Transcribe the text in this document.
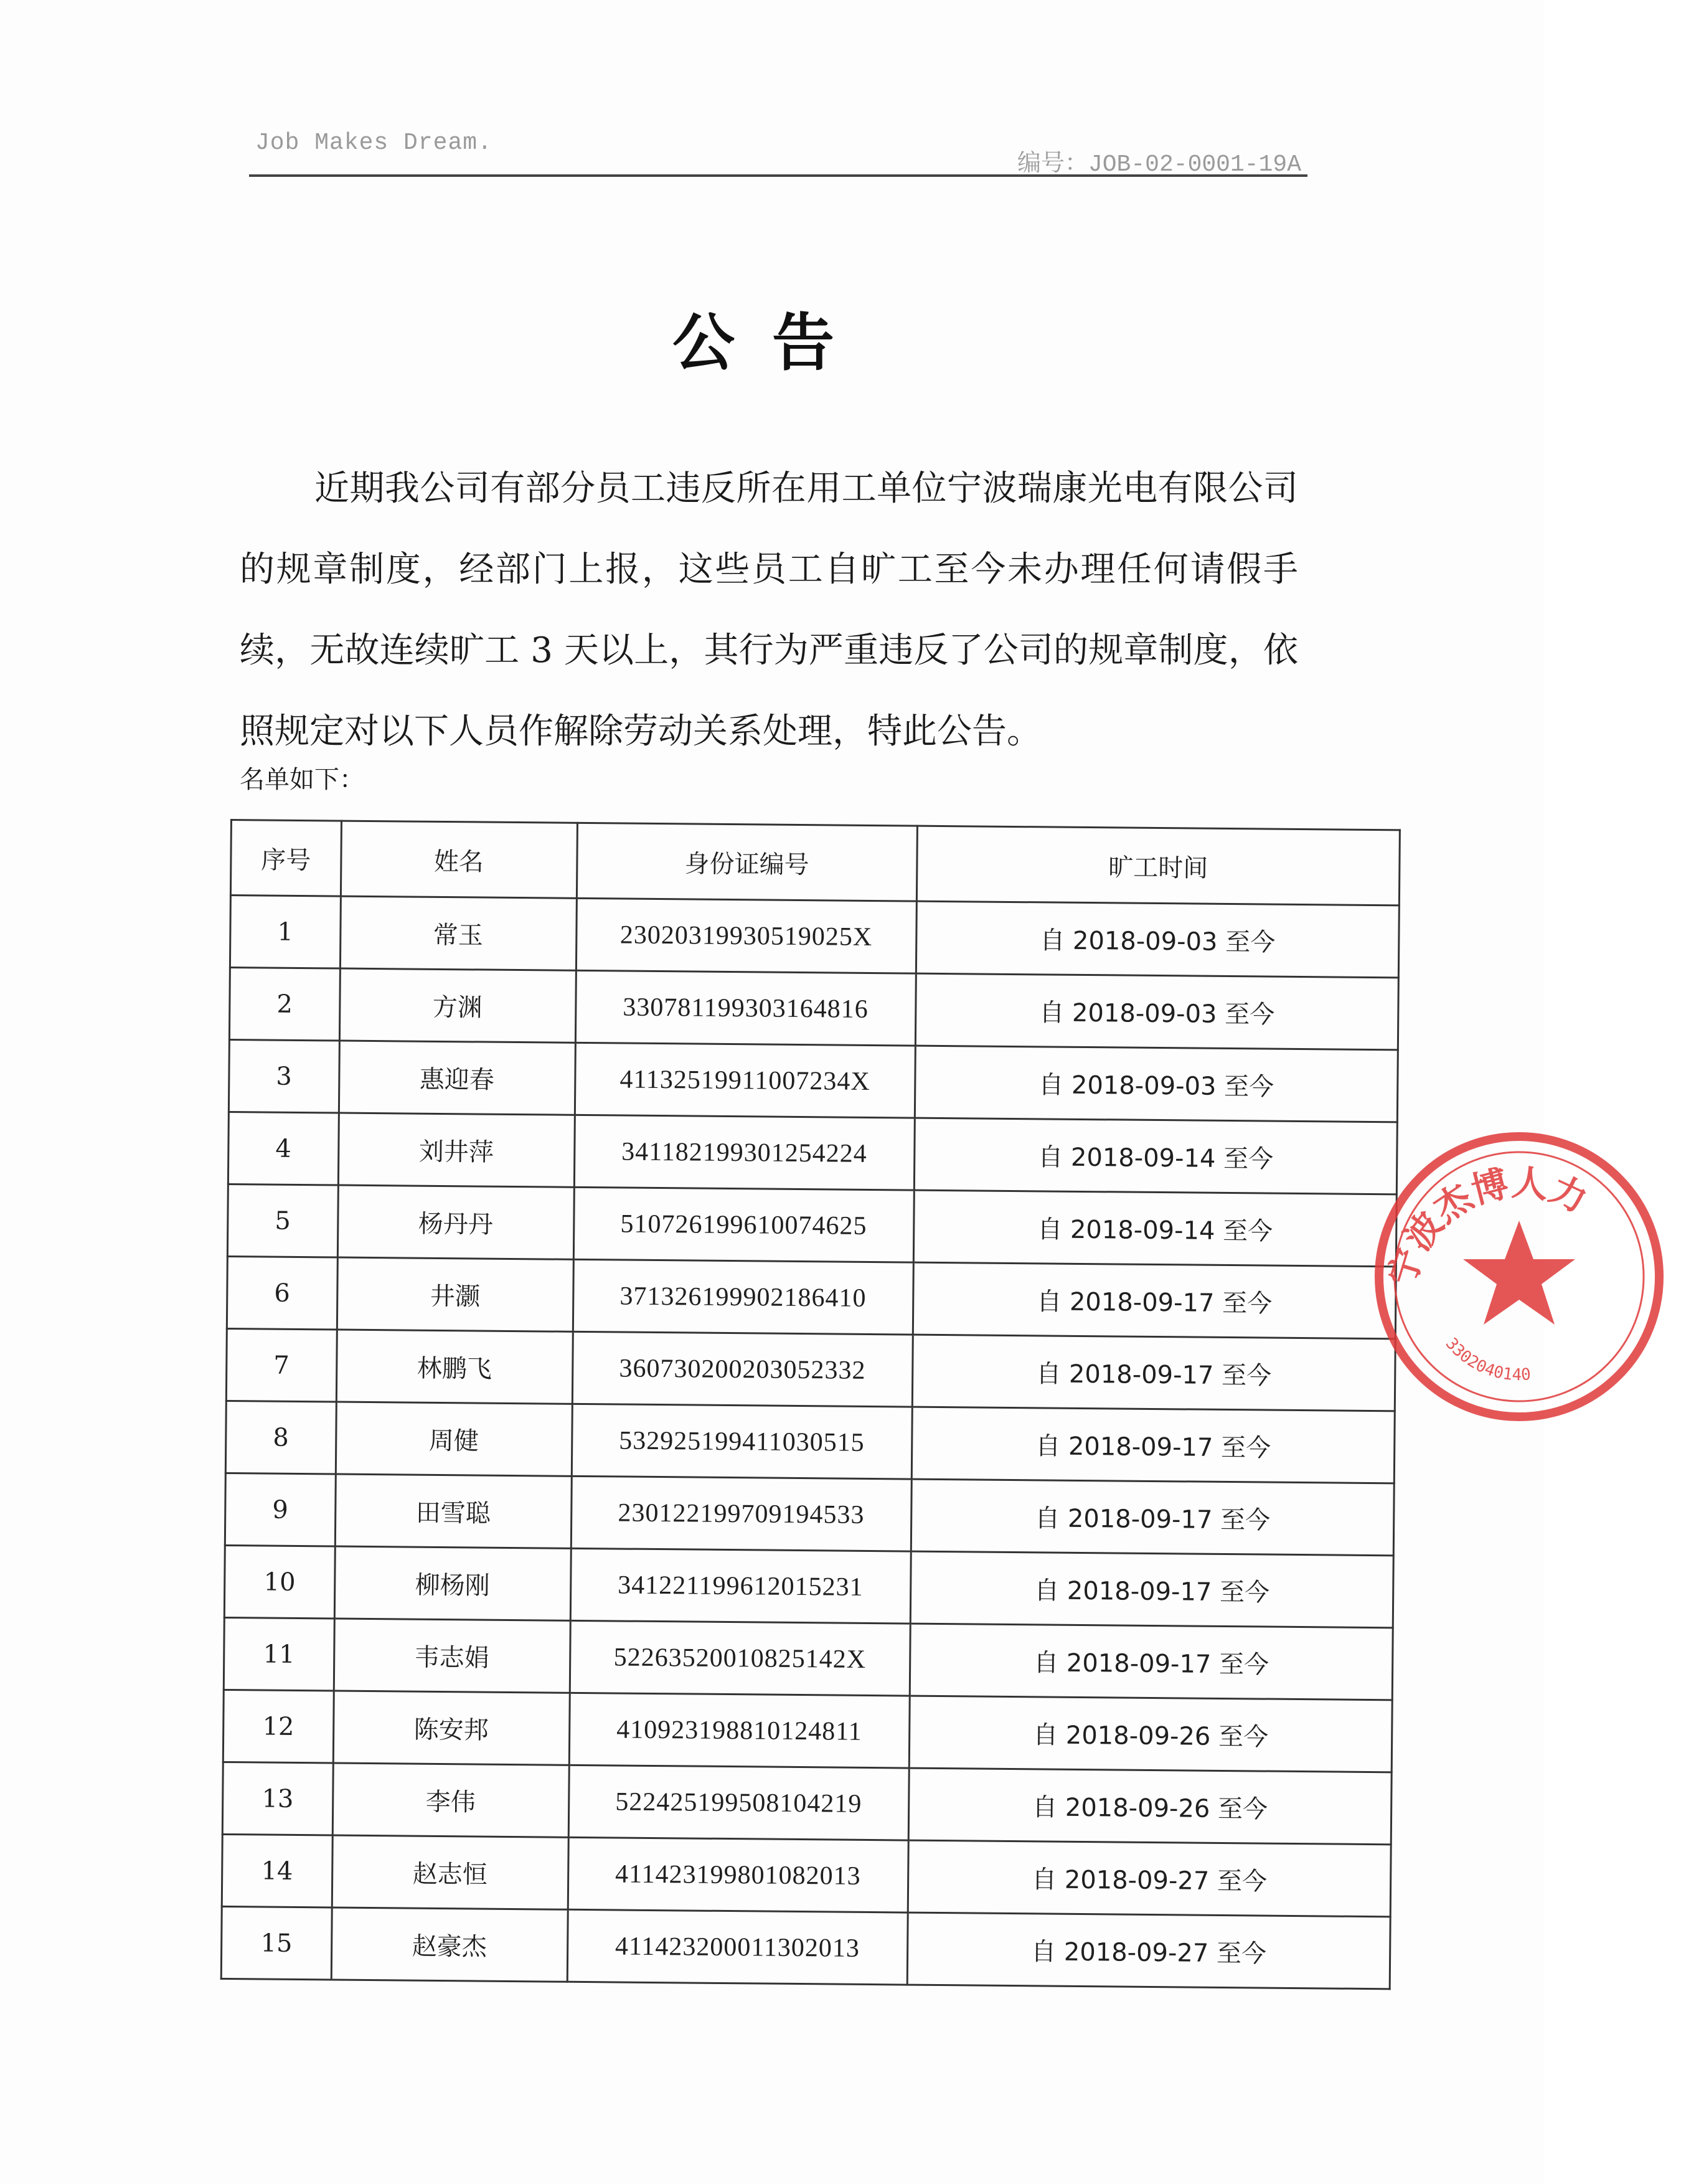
Job Makes Dream.
编号：JOB-02-0001-19A
公告
近期我公司有部分员工违反所在用工单位宁波瑞康光电有限公司的规章制度，经部门上报，这些员工自旷工至今未办理任何请假手续，无故连续旷工 3 天以上，其行为严重违反了公司的规章制度，依照规定对以下人员作解除劳动关系处理，特此公告。
名单如下：
序号	姓名	身份证编号	旷工时间
1	常玉	23020319930519025X	自 2018-09-03 至今
2	方渊	330781199303164816	自 2018-09-03 至今
3	惠迎春	41132519911007234X	自 2018-09-03 至今
4	刘井萍	341182199301254224	自 2018-09-14 至今
5	杨丹丹	510726199610074625	自 2018-09-14 至今
6	井灏	371326199902186410	自 2018-09-17 至今
7	林鹏飞	360730200203052332	自 2018-09-17 至今
8	周健	532925199411030515	自 2018-09-17 至今
9	田雪聪	230122199709194533	自 2018-09-17 至今
10	柳杨刚	341221199612015231	自 2018-09-17 至今
11	韦志娟	52263520010825142X	自 2018-09-17 至今
12	陈安邦	410923198810124811	自 2018-09-26 至今
13	李伟	522425199508104219	自 2018-09-26 至今
14	赵志恒	411423199801082013	自 2018-09-27 至今
15	赵豪杰	411423200011302013	自 2018-09-27 至今
宁波杰博人力
3302040140
